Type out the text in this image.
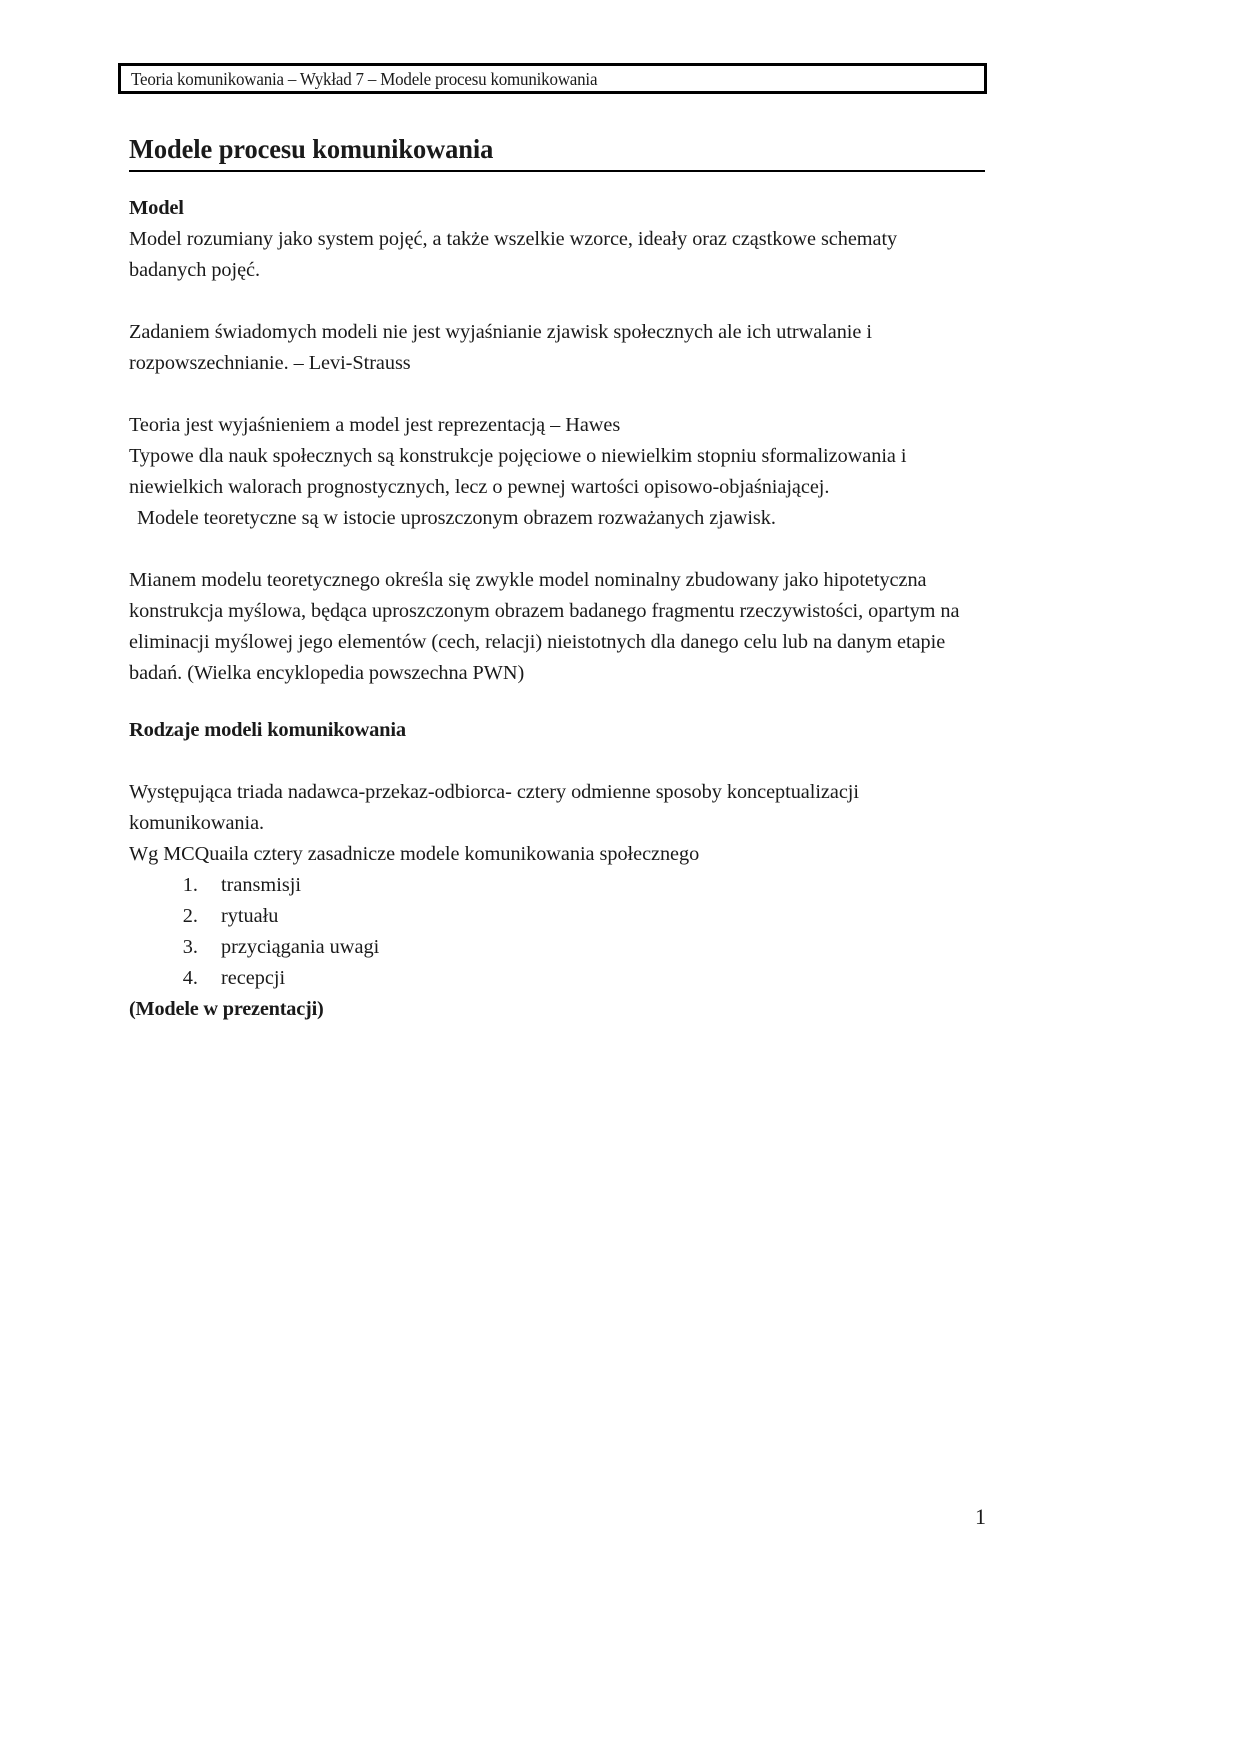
Teoria komunikowania – Wykład 7 – Modele procesu komunikowania
Modele procesu komunikowania
Model
Model rozumiany jako system pojęć, a także wszelkie wzorce, ideały oraz cząstkowe schematy badanych pojęć.
Zadaniem świadomych modeli nie jest wyjaśnianie zjawisk społecznych ale ich utrwalanie i rozpowszechnianie. – Levi-Strauss
Teoria jest wyjaśnieniem a model jest reprezentacją – Hawes
Typowe dla nauk społecznych są konstrukcje pojęciowe o niewielkim stopniu sformalizowania i niewielkich walorach prognostycznych, lecz o pewnej wartości opisowo-objaśniającej.
Modele teoretyczne są w istocie uproszczonym obrazem rozważanych zjawisk.
Mianem modelu teoretycznego określa się zwykle model nominalny zbudowany jako hipotetyczna konstrukcja myślowa, będąca uproszczonym obrazem badanego fragmentu rzeczywistości, opartym na eliminacji myślowej jego elementów (cech, relacji) nieistotnych dla danego celu lub na danym etapie badań. (Wielka encyklopedia powszechna PWN)
Rodzaje modeli komunikowania
Występująca triada nadawca-przekaz-odbiorca- cztery odmienne sposoby konceptualizacji komunikowania.
Wg MCQuaila cztery zasadnicze modele komunikowania społecznego
1. transmisji
2. rytuału
3. przyciągania uwagi
4. recepcji
(Modele w prezentacji)
1
